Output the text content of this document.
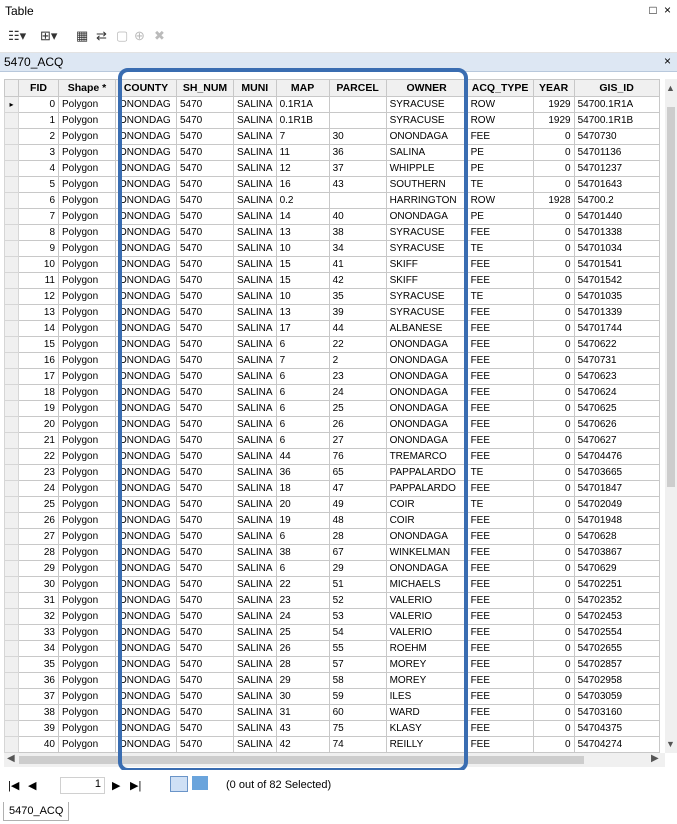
Table	□ ×
☷▾ ⊞▾ ▦ ⇄ ▢ ⊕ ✖
5470_ACQ	×
	FID	Shape *	COUNTY	SH_NUM	MUNI	MAP	PARCEL	OWNER	ACQ_TYPE	YEAR	GIS_ID
▸	0	Polygon	ONONDAG	5470	SALINA	0.1R1A		SYRACUSE	ROW	1929	54700.1R1A
	1	Polygon	ONONDAG	5470	SALINA	0.1R1B		SYRACUSE	ROW	1929	54700.1R1B
	2	Polygon	ONONDAG	5470	SALINA	7	30	ONONDAGA	FEE	0	5470730
	3	Polygon	ONONDAG	5470	SALINA	11	36	SALINA	PE	0	54701136
	4	Polygon	ONONDAG	5470	SALINA	12	37	WHIPPLE	PE	0	54701237
	5	Polygon	ONONDAG	5470	SALINA	16	43	SOUTHERN	TE	0	54701643
	6	Polygon	ONONDAG	5470	SALINA	0.2		HARRINGTON	ROW	1928	54700.2
	7	Polygon	ONONDAG	5470	SALINA	14	40	ONONDAGA	PE	0	54701440
	8	Polygon	ONONDAG	5470	SALINA	13	38	SYRACUSE	FEE	0	54701338
	9	Polygon	ONONDAG	5470	SALINA	10	34	SYRACUSE	TE	0	54701034
	10	Polygon	ONONDAG	5470	SALINA	15	41	SKIFF	FEE	0	54701541
	11	Polygon	ONONDAG	5470	SALINA	15	42	SKIFF	FEE	0	54701542
	12	Polygon	ONONDAG	5470	SALINA	10	35	SYRACUSE	TE	0	54701035
	13	Polygon	ONONDAG	5470	SALINA	13	39	SYRACUSE	FEE	0	54701339
	14	Polygon	ONONDAG	5470	SALINA	17	44	ALBANESE	FEE	0	54701744
	15	Polygon	ONONDAG	5470	SALINA	6	22	ONONDAGA	FEE	0	5470622
	16	Polygon	ONONDAG	5470	SALINA	7	2	ONONDAGA	FEE	0	5470731
	17	Polygon	ONONDAG	5470	SALINA	6	23	ONONDAGA	FEE	0	5470623
	18	Polygon	ONONDAG	5470	SALINA	6	24	ONONDAGA	FEE	0	5470624
	19	Polygon	ONONDAG	5470	SALINA	6	25	ONONDAGA	FEE	0	5470625
	20	Polygon	ONONDAG	5470	SALINA	6	26	ONONDAGA	FEE	0	5470626
	21	Polygon	ONONDAG	5470	SALINA	6	27	ONONDAGA	FEE	0	5470627
	22	Polygon	ONONDAG	5470	SALINA	44	76	TREMARCO	FEE	0	54704476
	23	Polygon	ONONDAG	5470	SALINA	36	65	PAPPALARDO	TE	0	54703665
	24	Polygon	ONONDAG	5470	SALINA	18	47	PAPPALARDO	FEE	0	54701847
	25	Polygon	ONONDAG	5470	SALINA	20	49	COIR	TE	0	54702049
	26	Polygon	ONONDAG	5470	SALINA	19	48	COIR	FEE	0	54701948
	27	Polygon	ONONDAG	5470	SALINA	6	28	ONONDAGA	FEE	0	5470628
	28	Polygon	ONONDAG	5470	SALINA	38	67	WINKELMAN	FEE	0	54703867
	29	Polygon	ONONDAG	5470	SALINA	6	29	ONONDAGA	FEE	0	5470629
	30	Polygon	ONONDAG	5470	SALINA	22	51	MICHAELS	FEE	0	54702251
	31	Polygon	ONONDAG	5470	SALINA	23	52	VALERIO	FEE	0	54702352
	32	Polygon	ONONDAG	5470	SALINA	24	53	VALERIO	FEE	0	54702453
	33	Polygon	ONONDAG	5470	SALINA	25	54	VALERIO	FEE	0	54702554
	34	Polygon	ONONDAG	5470	SALINA	26	55	ROEHM	FEE	0	54702655
	35	Polygon	ONONDAG	5470	SALINA	28	57	MOREY	FEE	0	54702857
	36	Polygon	ONONDAG	5470	SALINA	29	58	MOREY	FEE	0	54702958
	37	Polygon	ONONDAG	5470	SALINA	30	59	ILES	FEE	0	54703059
	38	Polygon	ONONDAG	5470	SALINA	31	60	WARD	FEE	0	54703160
	39	Polygon	ONONDAG	5470	SALINA	43	75	KLASY	FEE	0	54704375
	40	Polygon	ONONDAG	5470	SALINA	42	74	REILLY	FEE	0	54704274
▲
▼
◀	▶
|◀ ◀	1	▶ ▶|	(0 out of 82 Selected)
5470_ACQ
